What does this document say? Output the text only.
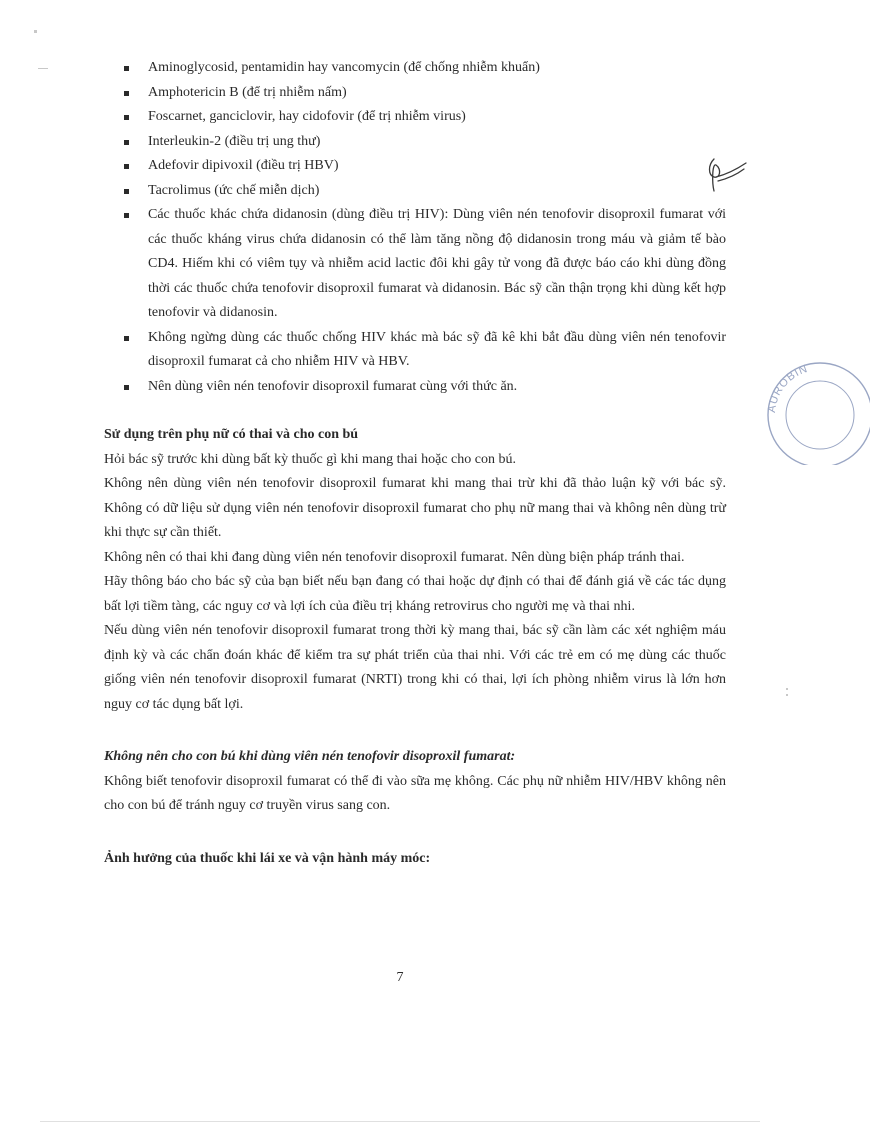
Aminoglycosid, pentamidin hay vancomycin (để chống nhiễm khuẩn)
Amphotericin B (để trị nhiễm nấm)
Foscarnet, ganciclovir, hay cidofovir (để trị nhiễm virus)
Interleukin-2 (điều trị ung thư)
Adefovir dipivoxil (điều trị HBV)
Tacrolimus (ức chế miễn dịch)
Các thuốc khác chứa didanosin (dùng điều trị HIV): Dùng viên nén tenofovir disoproxil fumarat với các thuốc kháng virus chứa didanosin có thể làm tăng nồng độ didanosin trong máu và giảm tế bào CD4. Hiếm khi có viêm tụy và nhiễm acid lactic đôi khi gây tử vong đã được báo cáo khi dùng đồng thời các thuốc chứa tenofovir disoproxil fumarat và didanosin. Bác sỹ cần thận trọng khi dùng kết hợp tenofovir và didanosin.
Không ngừng dùng các thuốc chống HIV khác mà bác sỹ đã kê khi bắt đầu dùng viên nén tenofovir disoproxil fumarat cả cho nhiễm HIV và HBV.
Nên dùng viên nén tenofovir disoproxil fumarat cùng với thức ăn.
Sử dụng trên phụ nữ có thai và cho con bú

Hỏi bác sỹ trước khi dùng bất kỳ thuốc gì khi mang thai hoặc cho con bú.

Không nên dùng viên nén tenofovir disoproxil fumarat khi mang thai trừ khi đã thảo luận kỹ với bác sỹ. Không có dữ liệu sử dụng viên nén tenofovir disoproxil fumarat cho phụ nữ mang thai và không nên dùng trừ khi thực sự cần thiết.

Không nên có thai khi đang dùng viên nén tenofovir disoproxil fumarat. Nên dùng biện pháp tránh thai.

Hãy thông báo cho bác sỹ của bạn biết nếu bạn đang có thai hoặc dự định có thai để đánh giá về các tác dụng bất lợi tiềm tàng, các nguy cơ và lợi ích của điều trị kháng retrovirus cho người mẹ và thai nhi.

Nếu dùng viên nén tenofovir disoproxil fumarat trong thời kỳ mang thai, bác sỹ cần làm các xét nghiệm máu định kỳ và các chẩn đoán khác để kiểm tra sự phát triển của thai nhi. Với các trẻ em có mẹ dùng các thuốc giống viên nén tenofovir disoproxil fumarat (NRTI) trong khi có thai, lợi ích phòng nhiễm virus là lớn hơn nguy cơ tác dụng bất lợi.

Không nên cho con bú khi dùng viên nén tenofovir disoproxil fumarat:

Không biết tenofovir disoproxil fumarat có thể đi vào sữa mẹ không. Các phụ nữ nhiễm HIV/HBV không nên cho con bú để tránh nguy cơ truyền virus sang con.

Ảnh hưởng của thuốc khi lái xe và vận hành máy móc:
7
AUROBIN
